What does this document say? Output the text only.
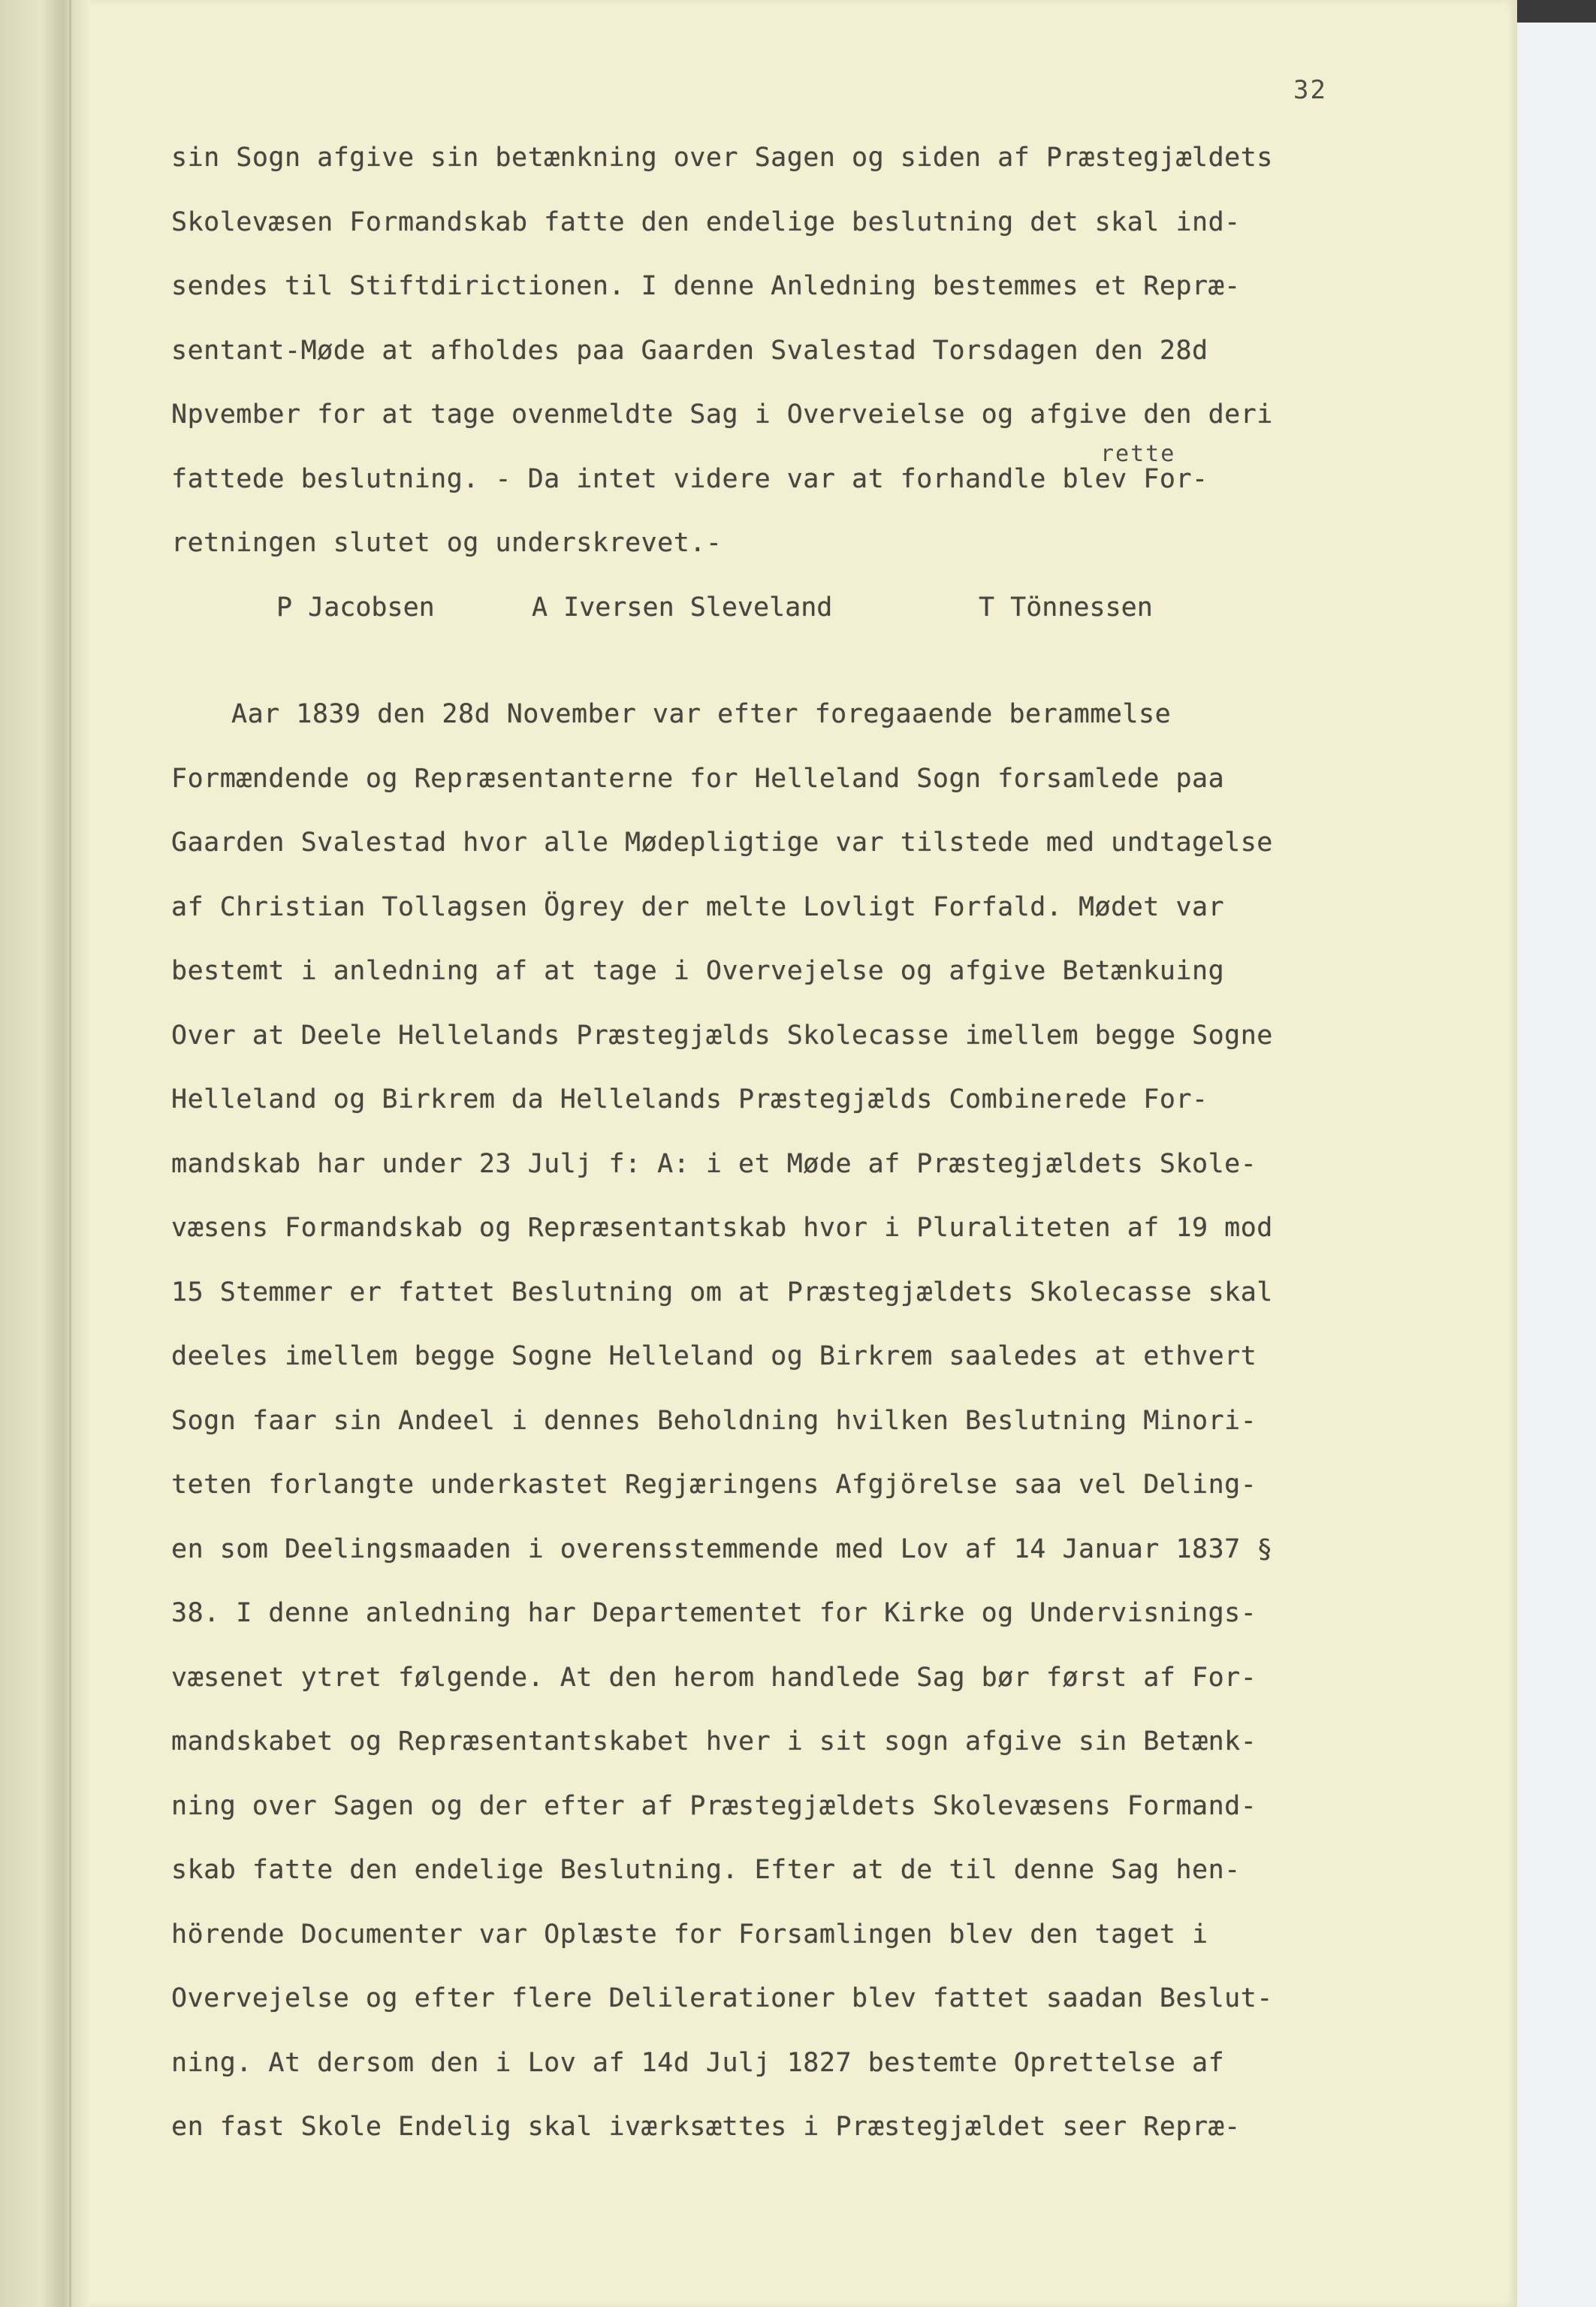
32
rette
sin Sogn afgive sin betænkning over Sagen og siden af Præstegjældets
Skolevæsen Formandskab fatte den endelige beslutning det skal ind-
sendes til Stiftdirictionen. I denne Anledning bestemmes et Repræ-
sentant-Møde at afholdes paa Gaarden Svalestad Torsdagen den 28d
Npvember for at tage ovenmeldte Sag i Overveielse og afgive den deri
fattede beslutning. - Da intet videre var at forhandle blev For-
retningen slutet og underskrevet.-

P Jacobsen

	A Iversen Sleveland

	T Tönnessen

Aar 1839 den 28d November var efter foregaaende berammelse
Formændende og Repræsentanterne for Helleland Sogn forsamlede paa
Gaarden Svalestad hvor alle Mødepligtige var tilstede med undtagelse
af Christian Tollagsen Ögrey der melte Lovligt Forfald. Mødet var
bestemt i anledning af at tage i Overvejelse og afgive Betænkuing
Over at Deele Hellelands Præstegjælds Skolecasse imellem begge Sogne
Helleland og Birkrem da Hellelands Præstegjælds Combinerede For-
mandskab har under 23 Julj f: A: i et Møde af Præstegjældets Skole-
væsens Formandskab og Repræsentantskab hvor i Pluraliteten af 19 mod
15 Stemmer er fattet Beslutning om at Præstegjældets Skolecasse skal
deeles imellem begge Sogne Helleland og Birkrem saaledes at ethvert
Sogn faar sin Andeel i dennes Beholdning hvilken Beslutning Minori-
teten forlangte underkastet Regjæringens Afgjörelse saa vel Deling-
en som Deelingsmaaden i overensstemmende med Lov af 14 Januar 1837 §
38. I denne anledning har Departementet for Kirke og Undervisnings-
væsenet ytret følgende. At den herom handlede Sag bør først af For-
mandskabet og Repræsentantskabet hver i sit sogn afgive sin Betænk-
ning over Sagen og der efter af Præstegjældets Skolevæsens Formand-
skab fatte den endelige Beslutning. Efter at de til denne Sag hen-
hörende Documenter var Oplæste for Forsamlingen blev den taget i
Overvejelse og efter flere Delilerationer blev fattet saadan Beslut-
ning. At dersom den i Lov af 14d Julj 1827 bestemte Oprettelse af
en fast Skole Endelig skal iværksættes i Præstegjældet seer Repræ-
